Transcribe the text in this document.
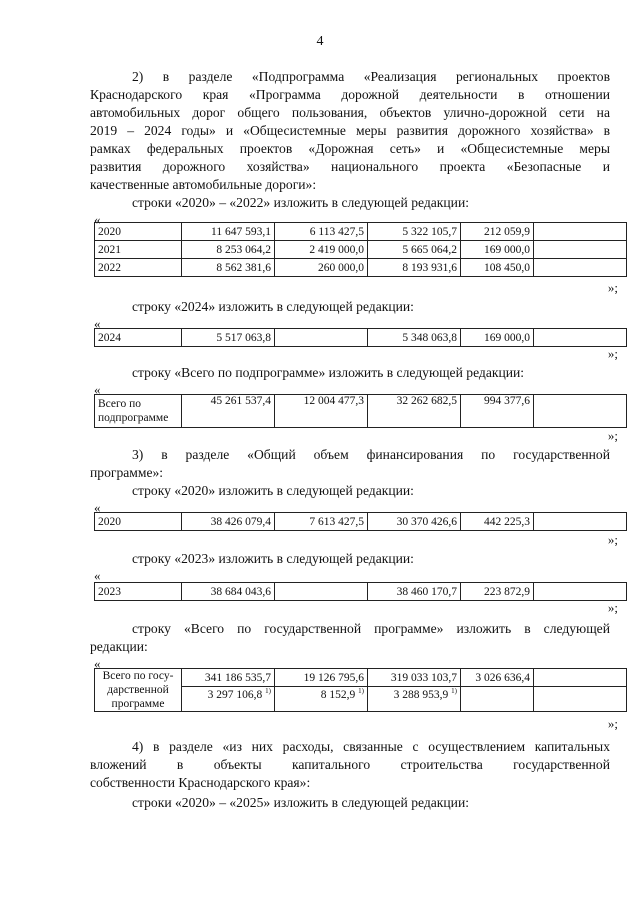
4
2) в разделе «Подпрограмма «Реализация региональных проектов
Краснодарского края «Программа дорожной деятельности в отношении
автомобильных дорог общего пользования, объектов улично-дорожной сети на
2019 – 2024 годы» и «Общесистемные меры развития дорожного хозяйства» в
рамках федеральных проектов «Дорожная сеть» и «Общесистемные меры
развития дорожного хозяйства» национального проекта «Безопасные и
качественные автомобильные дороги»:
строки «2020» – «2022» изложить в следующей редакции:
«
2020	11 647 593,1	6 113 427,5	5 322 105,7	212 059,9	
2021	8 253 064,2	2 419 000,0	5 665 064,2	169 000,0	
2022	8 562 381,6	260 000,0	8 193 931,6	108 450,0	
»;
строку «2024» изложить в следующей редакции:
«
2024	5 517 063,8		5 348 063,8	169 000,0	
»;
строку «Всего по подпрограмме» изложить в следующей редакции:
«
Всего по
подпрограмме
	45 261 537,4	12 004 477,3	32 262 682,5	994 377,6	
»;
3) в разделе «Общий объем финансирования по государственной
программе»:
строку «2020» изложить в следующей редакции:
«
2020	38 426 079,4	7 613 427,5	30 370 426,6	442 225,3	
»;
строку «2023» изложить в следующей редакции:
«
2023	38 684 043,6		38 460 170,7	223 872,9	
»;
строку «Всего по государственной программе» изложить в следующей
редакции:
«
Всего по госу-
дарственной
программе	341 186 535,7	19 126 795,6	319 033 103,7	3 026 636,4	
	3 297 106,8 $^{1)}$	8 152,9 $^{1)}$	3 288 953,9 $^{1)}$		
»;
4) в разделе «из них расходы, связанные с осуществлением капитальных
вложений в объекты капитального строительства государственной
собственности Краснодарского края»:
строки «2020» – «2025» изложить в следующей редакции:
